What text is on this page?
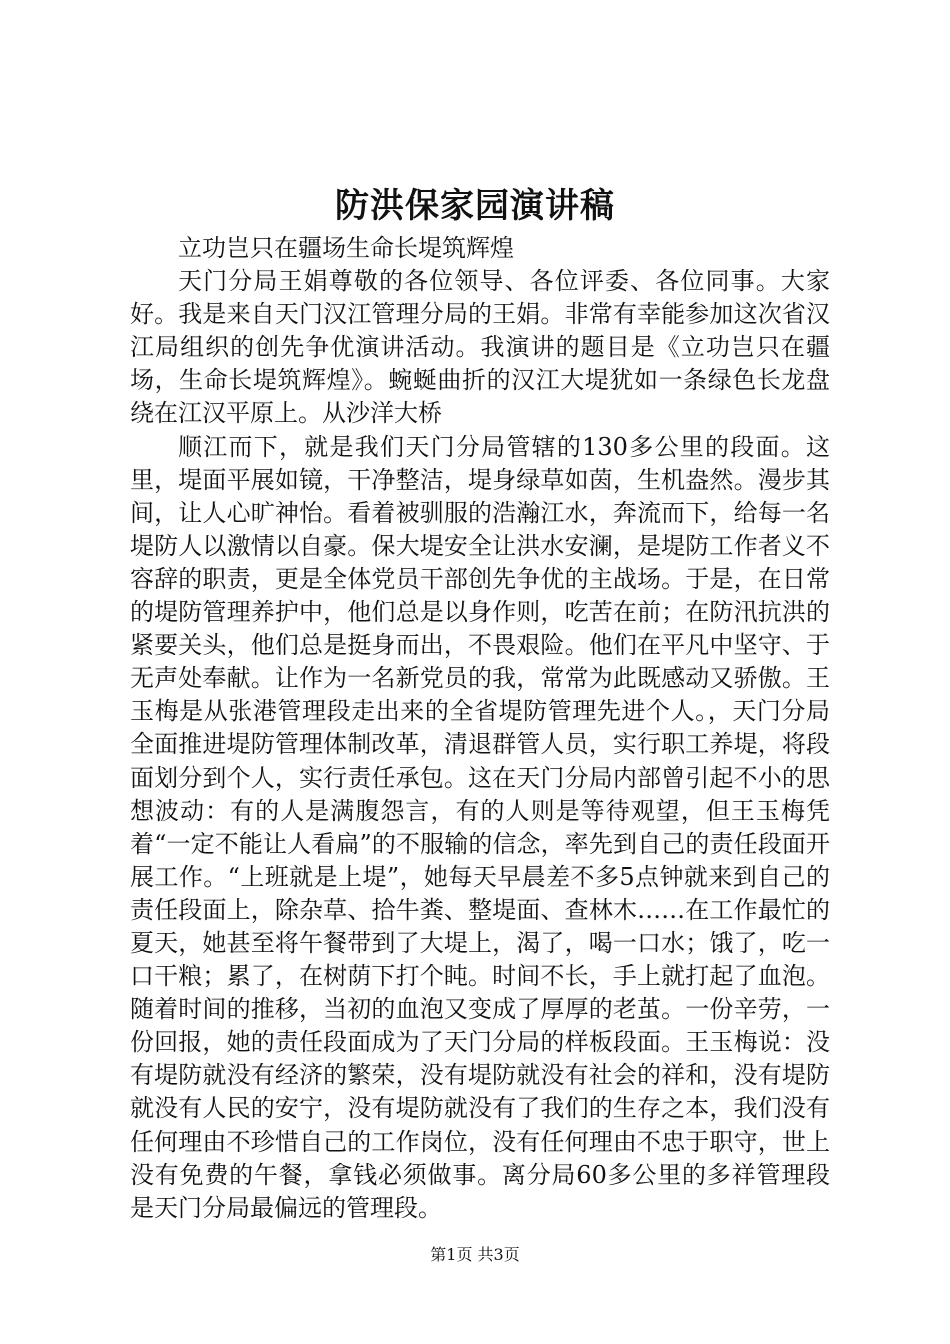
防洪保家园演讲稿

立功岂只在疆场生命长堤筑辉煌

天门分局王娟尊敬的各位领导、各位评委、各位同事。大家好。我是来自天门汉江管理分局的王娟。非常有幸能参加这次省汉江局组织的创先争优演讲活动。我演讲的题目是《立功岂只在疆场，生命长堤筑辉煌》。蜿蜒曲折的汉江大堤犹如一条绿色长龙盘绕在江汉平原上。从沙洋大桥

顺江而下，就是我们天门分局管辖的130多公里的段面。这里，堤面平展如镜，干净整洁，堤身绿草如茵，生机盎然。漫步其间，让人心旷神怡。看着被驯服的浩瀚江水，奔流而下，给每一名堤防人以激情以自豪。保大堤安全让洪水安澜，是堤防工作者义不容辞的职责，更是全体党员干部创先争优的主战场。于是，在日常的堤防管理养护中，他们总是以身作则，吃苦在前；在防汛抗洪的紧要关头，他们总是挺身而出，不畏艰险。他们在平凡中坚守、于无声处奉献。让作为一名新党员的我，常常为此既感动又骄傲。王玉梅是从张港管理段走出来的全省堤防管理先进个人。，天门分局全面推进堤防管理体制改革，清退群管人员，实行职工养堤，将段面划分到个人，实行责任承包。这在天门分局内部曾引起不小的思想波动：有的人是满腹怨言，有的人则是等待观望，但王玉梅凭着“一定不能让人看扁”的不服输的信念，率先到自己的责任段面开展工作。“上班就是上堤”，她每天早晨差不多5点钟就来到自己的责任段面上，除杂草、拾牛粪、整堤面、查林木……在工作最忙的夏天，她甚至将午餐带到了大堤上，渴了，喝一口水；饿了，吃一口干粮；累了，在树荫下打个盹。时间不长，手上就打起了血泡。随着时间的推移，当初的血泡又变成了厚厚的老茧。一份辛劳，一份回报，她的责任段面成为了天门分局的样板段面。王玉梅说：没有堤防就没有经济的繁荣，没有堤防就没有社会的祥和，没有堤防就没有人民的安宁，没有堤防就没有了我们的生存之本，我们没有任何理由不珍惜自己的工作岗位，没有任何理由不忠于职守，世上没有免费的午餐，拿钱必须做事。离分局60多公里的多祥管理段是天门分局最偏远的管理段。

第1页 共3页
